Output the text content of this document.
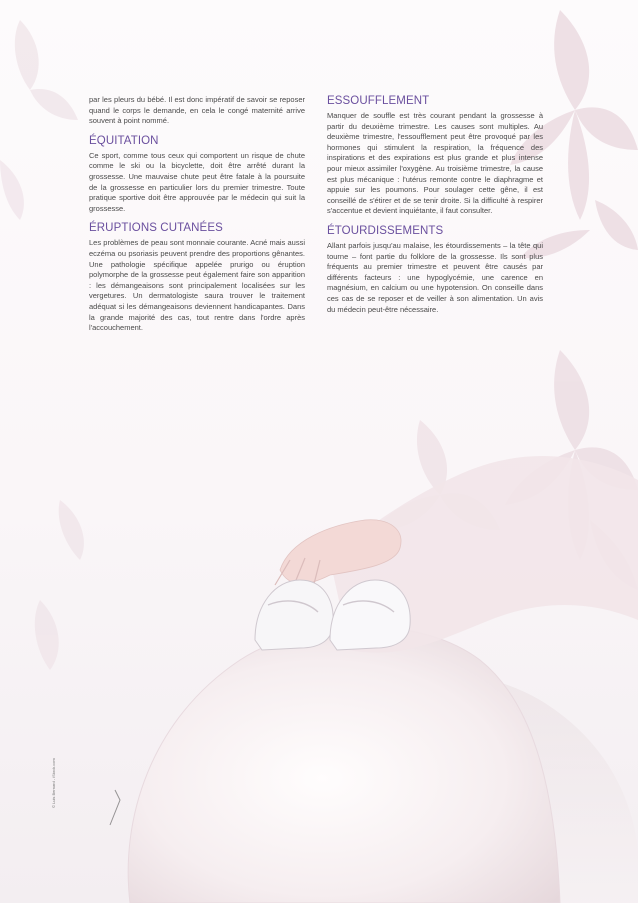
par les pleurs du bébé. Il est donc impératif de savoir se reposer quand le corps le demande, en cela le congé maternité arrive souvent à point nommé.

ÉQUITATION

Ce sport, comme tous ceux qui comportent un risque de chute comme le ski ou la bicyclette, doit être arrêté durant la grossesse. Une mauvaise chute peut être fatale à la poursuite de la grossesse en particulier lors du premier trimestre. Toute pratique sportive doit être approuvée par le médecin qui suit la grossesse.

ÉRUPTIONS CUTANÉES

Les problèmes de peau sont monnaie courante. Acné mais aussi eczéma ou psoriasis peuvent prendre des proportions gênantes. Une pathologie spécifique appelée prurigo ou éruption polymorphe de la grossesse peut également faire son apparition : les démangeaisons sont principalement localisées sur les vergetures. Un dermatologiste saura trouver le traitement adéquat si les démangeaisons deviennent handicapantes. Dans la grande majorité des cas, tout rentre dans l'ordre après l'accouchement.

ESSOUFFLEMENT

Manquer de souffle est très courant pendant la grossesse à partir du deuxième trimestre. Les causes sont multiples. Au deuxième trimestre, l'essoufflement peut être provoqué par les hormones qui stimulent la respiration, la fréquence des inspirations et des expirations est plus grande et plus intense pour mieux assimiler l'oxygène. Au troisième trimestre, la cause est plus mécanique : l'utérus remonte contre le diaphragme et appuie sur les poumons. Pour soulager cette gêne, il est conseillé de s'étirer et de se tenir droite. Si la difficulté à respirer s'accentue et devient inquiétante, il faut consulter.

ÉTOURDISSEMENTS

Allant parfois jusqu'au malaise, les étourdissements – la tête qui tourne – font partie du folklore de la grossesse. Ils sont plus fréquents au premier trimestre et peuvent être causés par différents facteurs : une hypoglycémie, une carence en magnésium, en calcium ou une hypotension. On conseille dans ces cas de se reposer et de veiller à son alimentation. Un avis du médecin peut-être nécessaire.

© Luis Bernard - iStock.com
